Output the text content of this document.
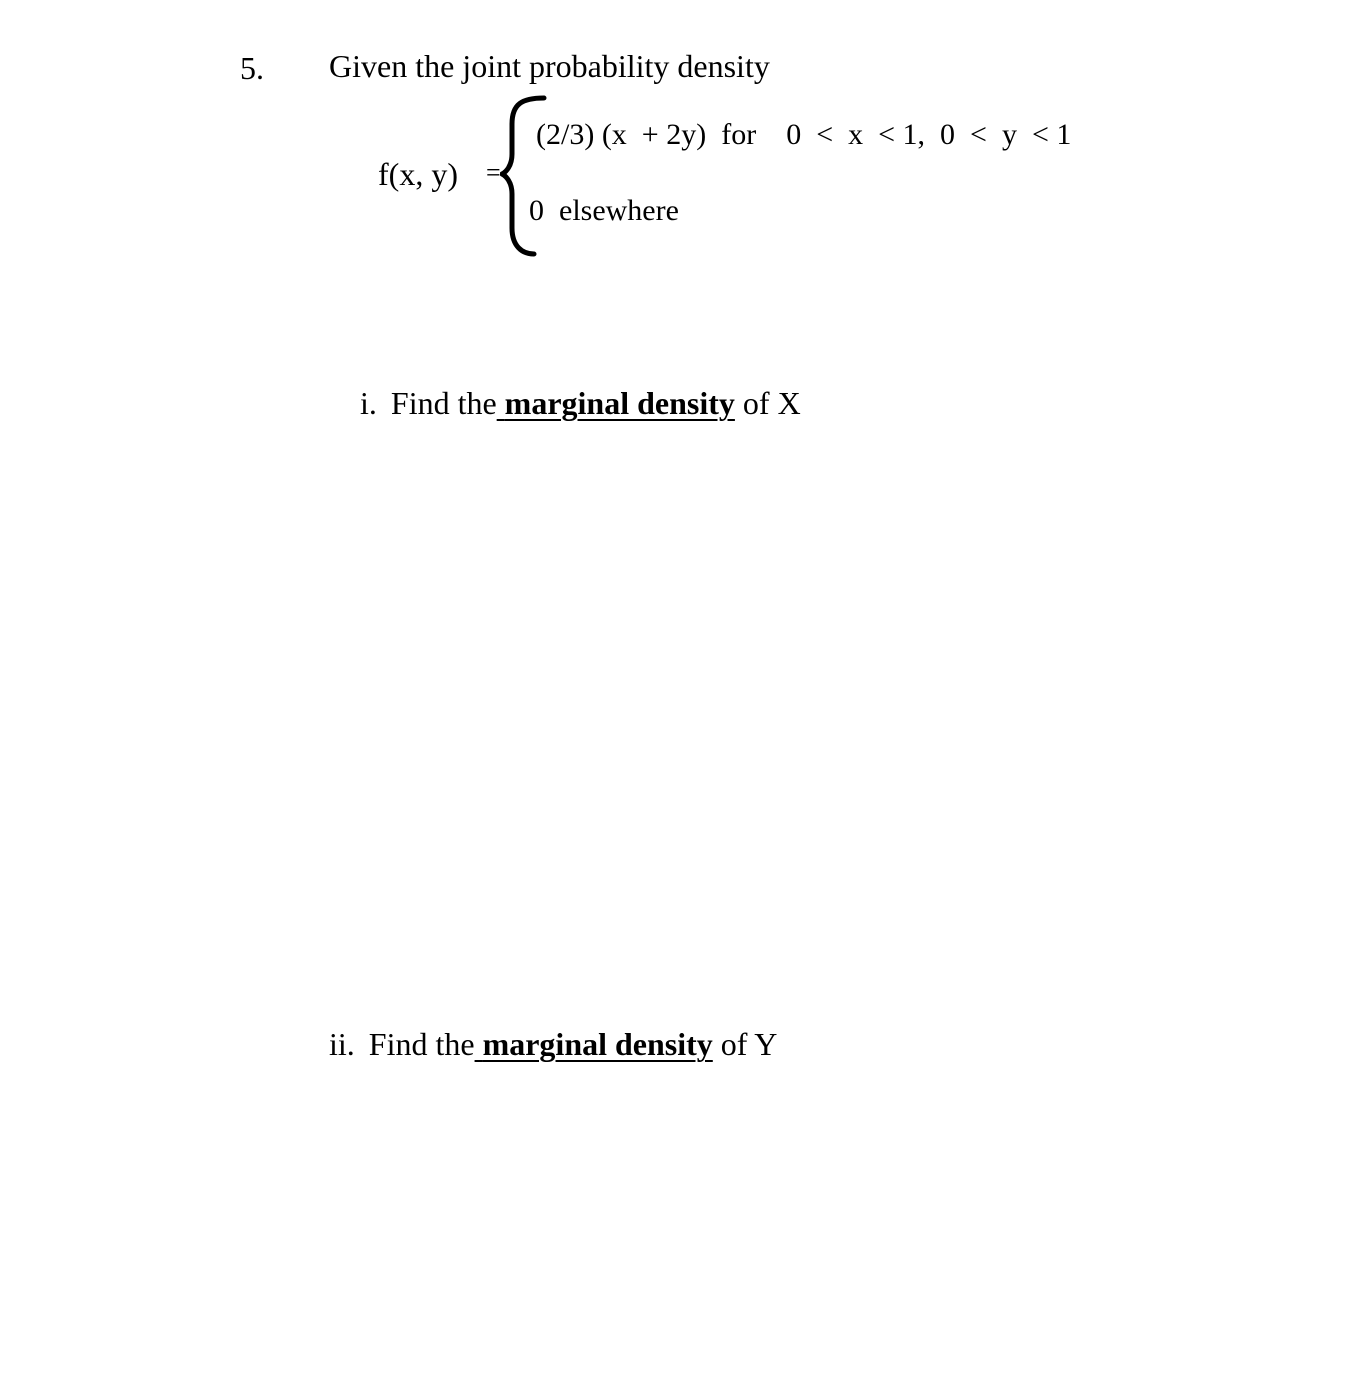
5. Given the joint probability density
f(x, y) =
(2/3) (x  + 2y)  for    0  <  x  < 1,  0  <  y  < 1
0  elsewhere
i. Find the marginal density of X
ii. Find the marginal density of Y
